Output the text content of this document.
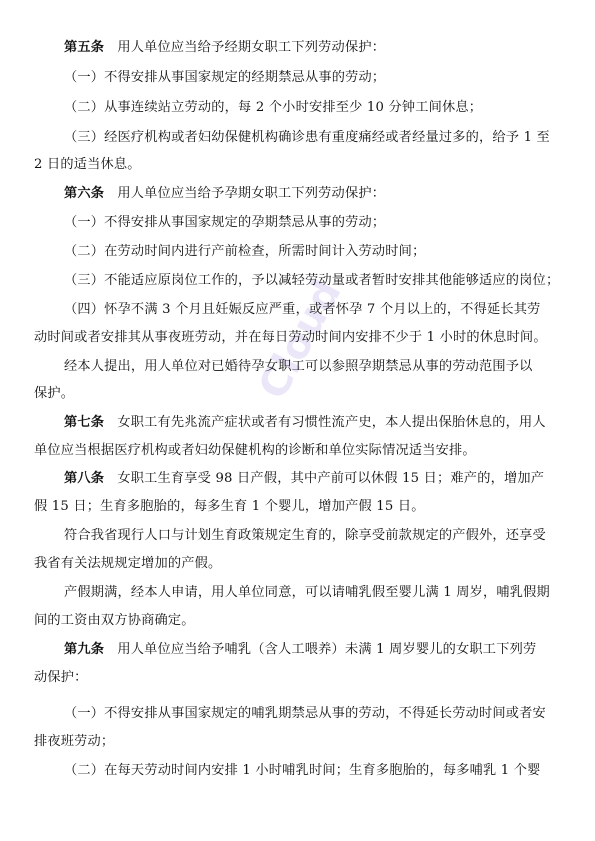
Cloud
第五条 用人单位应当给予经期女职工下列劳动保护：
（一）不得安排从事国家规定的经期禁忌从事的劳动；
（二）从事连续站立劳动的，每 2 个小时安排至少 10 分钟工间休息；
（三）经医疗机构或者妇幼保健机构确诊患有重度痛经或者经量过多的，给予 1 至
2 日的适当休息。
第六条 用人单位应当给予孕期女职工下列劳动保护：
（一）不得安排从事国家规定的孕期禁忌从事的劳动；
（二）在劳动时间内进行产前检查，所需时间计入劳动时间；
（三）不能适应原岗位工作的，予以减轻劳动量或者暂时安排其他能够适应的岗位；
（四）怀孕不满 3 个月且妊娠反应严重，或者怀孕 7 个月以上的，不得延长其劳
动时间或者安排其从事夜班劳动，并在每日劳动时间内安排不少于 1 小时的休息时间。
经本人提出，用人单位对已婚待孕女职工可以参照孕期禁忌从事的劳动范围予以
保护。
第七条 女职工有先兆流产症状或者有习惯性流产史，本人提出保胎休息的，用人
单位应当根据医疗机构或者妇幼保健机构的诊断和单位实际情况适当安排。
第八条 女职工生育享受 98 日产假，其中产前可以休假 15 日；难产的，增加产
假 15 日；生育多胞胎的，每多生育 1 个婴儿，增加产假 15 日。
符合我省现行人口与计划生育政策规定生育的，除享受前款规定的产假外，还享受
我省有关法规规定增加的产假。
产假期满，经本人申请，用人单位同意，可以请哺乳假至婴儿满 1 周岁，哺乳假期
间的工资由双方协商确定。
第九条 用人单位应当给予哺乳（含人工喂养）未满 1 周岁婴儿的女职工下列劳
动保护：
（一）不得安排从事国家规定的哺乳期禁忌从事的劳动，不得延长劳动时间或者安
排夜班劳动；
（二）在每天劳动时间内安排 1 小时哺乳时间；生育多胞胎的，每多哺乳 1 个婴
